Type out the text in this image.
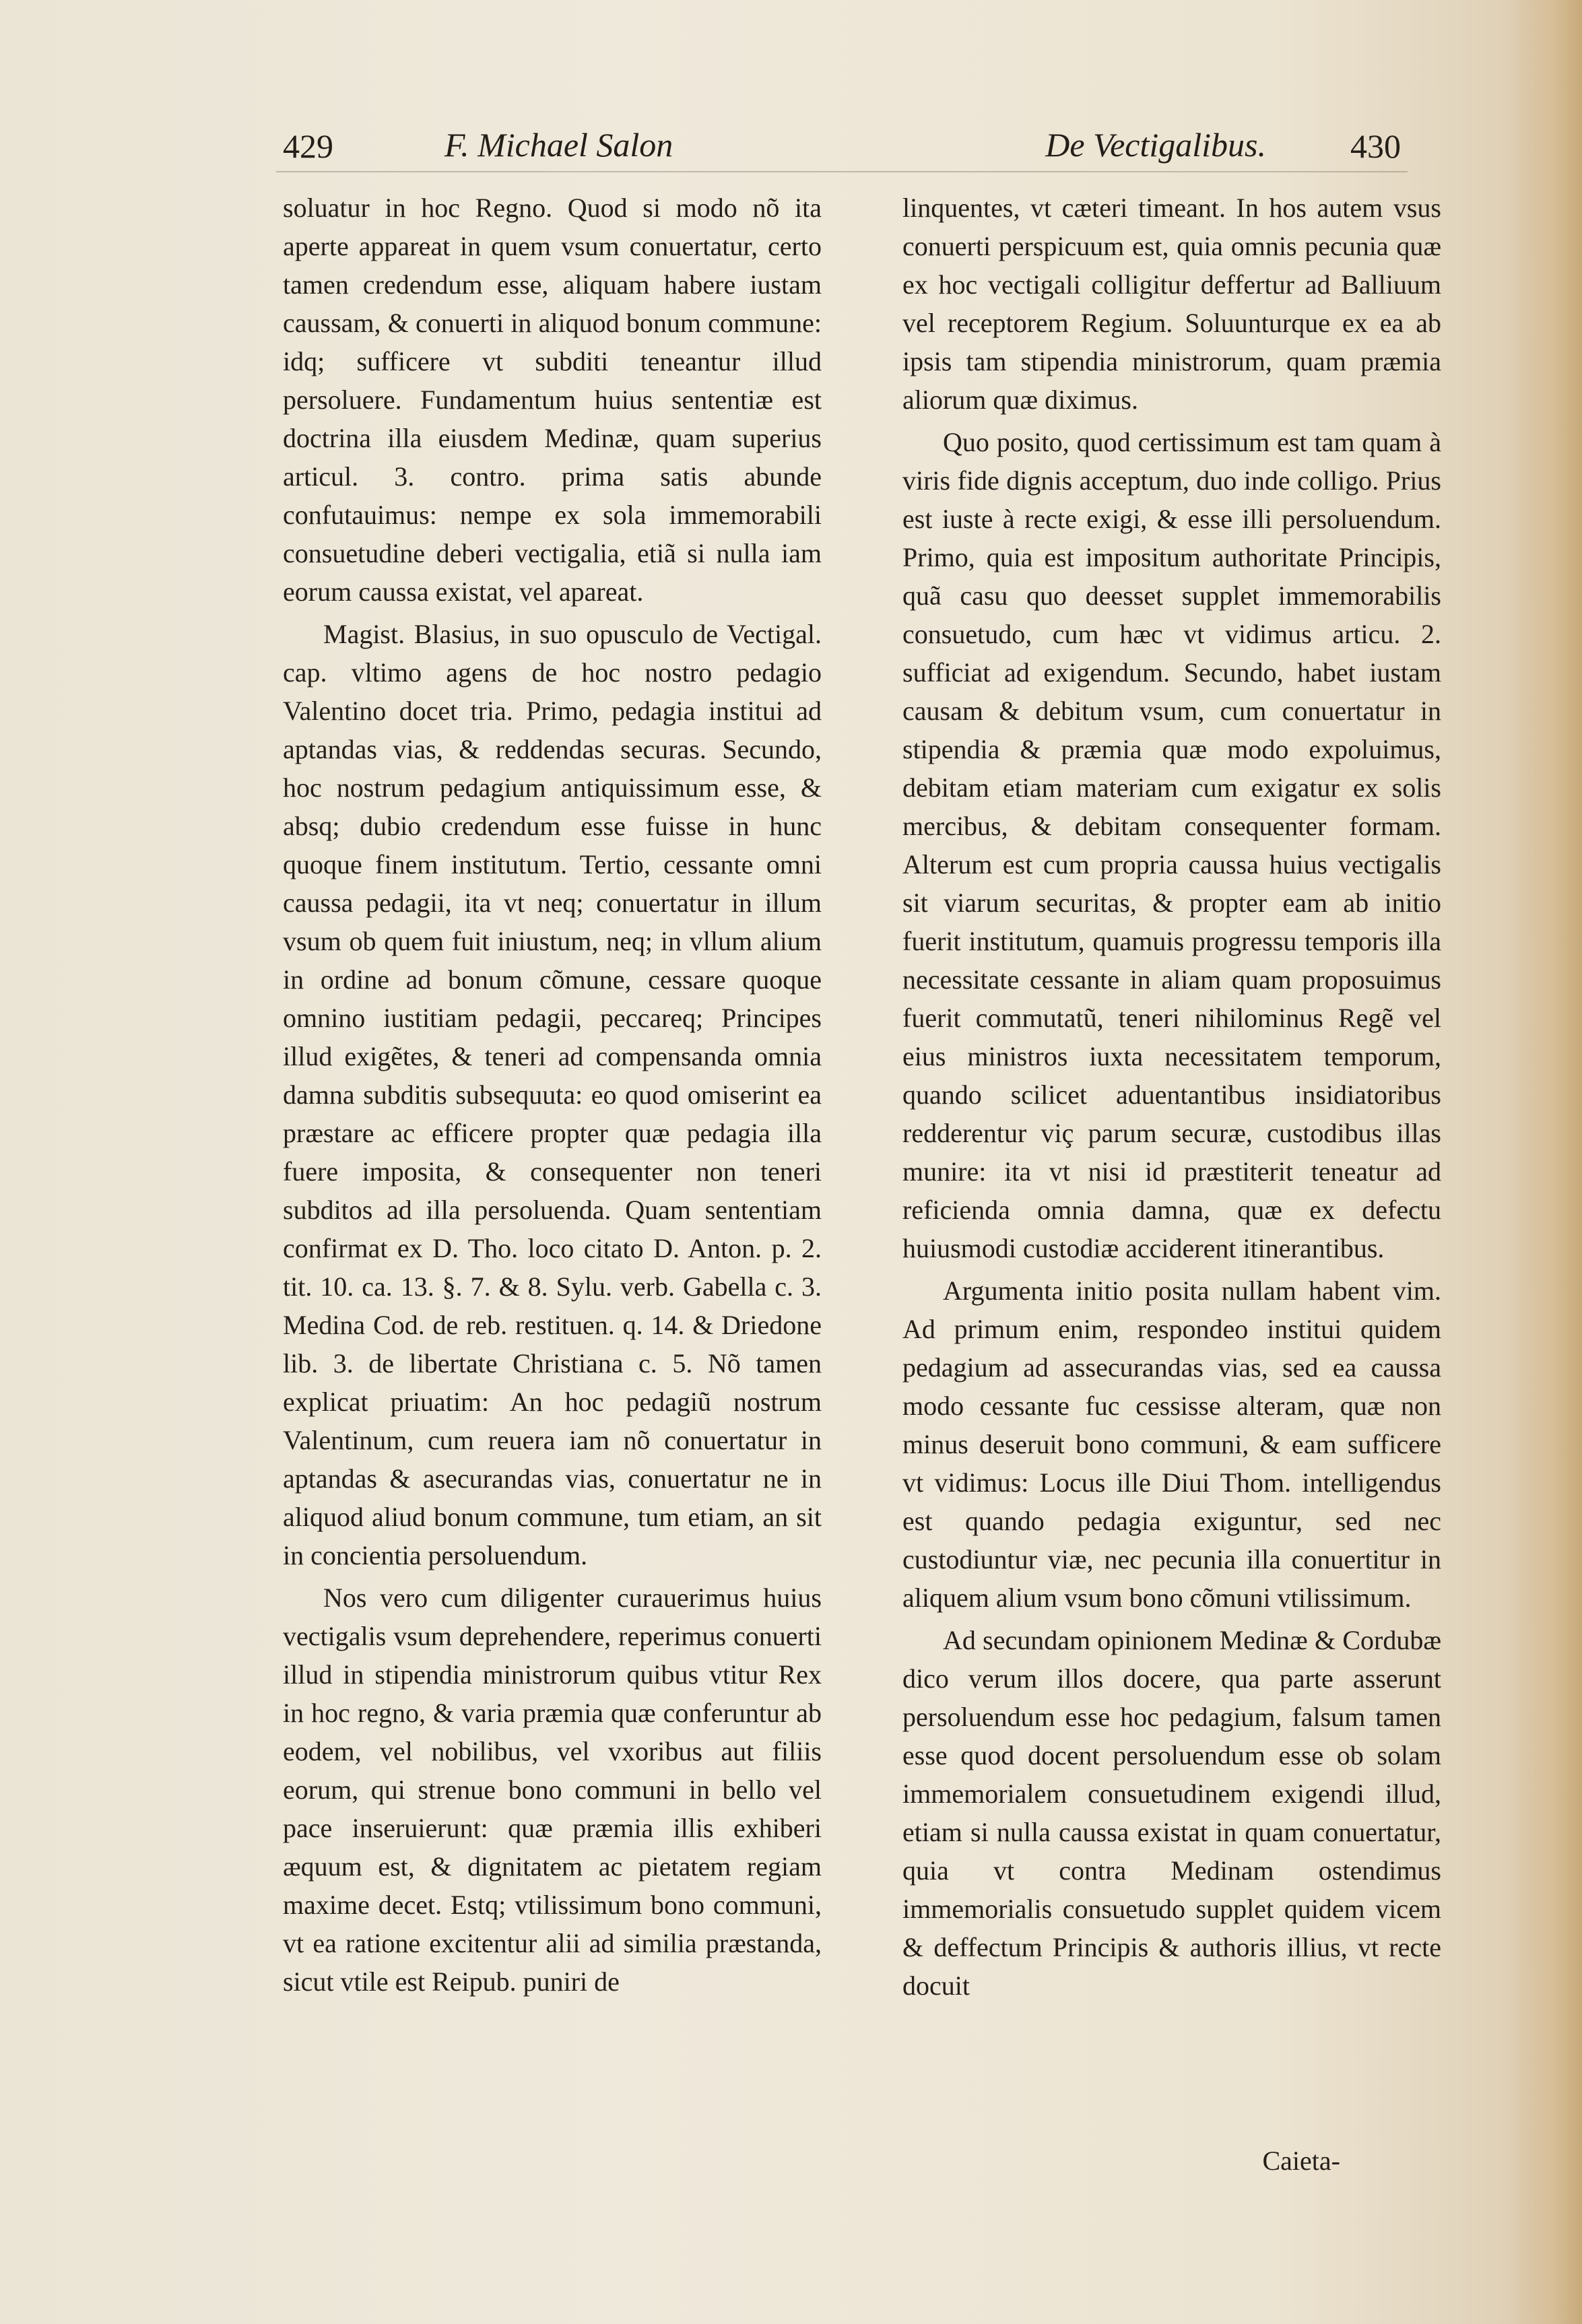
429	F. Michael Salon	De Vectigalibus.	430

soluatur in hoc Regno. Quod si modo nõ ita aperte appareat in quem vsum conuertatur, certo tamen credendum esse, aliquam habere iustam caussam, & conuerti in aliquod bonum commune: idq; sufficere vt subditi teneantur illud persoluere. Fundamentum huius sententiæ est doctrina illa eiusdem Medinæ, quam superius articul. 3. contro. prima satis abunde confutauimus: nempe ex sola immemorabili consuetudine deberi vectigalia, etiã si nulla iam eorum caussa existat, vel apareat.

Magist. Blasius, in suo opusculo de Vectigal. cap. vltimo agens de hoc nostro pedagio Valentino docet tria. Primo, pedagia institui ad aptandas vias, & reddendas securas. Secundo, hoc nostrum pedagium antiquissimum esse, & absq; dubio credendum esse fuisse in hunc quoque finem institutum. Tertio, cessante omni caussa pedagii, ita vt neq; conuertatur in illum vsum ob quem fuit iniustum, neq; in vllum alium in ordine ad bonum cõmune, cessare quoque omnino iustitiam pedagii, peccareq; Principes illud exigẽtes, & teneri ad compensanda omnia damna subditis subsequuta: eo quod omiserint ea præstare ac efficere propter quæ pedagia illa fuere imposita, & consequenter non teneri subditos ad illa persoluenda. Quam sententiam confirmat ex D. Tho. loco citato D. Anton. p. 2. tit. 10. ca. 13. §. 7. & 8. Sylu. verb. Gabella c. 3. Medina Cod. de reb. restituen. q. 14. & Driedone lib. 3. de libertate Christiana c. 5. Nõ tamen explicat priuatim: An hoc pedagiũ nostrum Valentinum, cum reuera iam nõ conuertatur in aptandas & asecurandas vias, conuertatur ne in aliquod aliud bonum commune, tum etiam, an sit in concientia persoluendum.

Nos vero cum diligenter curauerimus huius vectigalis vsum deprehendere, reperimus conuerti illud in stipendia ministrorum quibus vtitur Rex in hoc regno, & varia præmia quæ conferuntur ab eodem, vel nobilibus, vel vxoribus aut filiis eorum, qui strenue bono communi in bello vel pace inseruierunt: quæ præmia illis exhiberi æquum est, & dignitatem ac pietatem regiam maxime decet. Estq; vtilissimum bono communi, vt ea ratione excitentur alii ad similia præstanda, sicut vtile est Reipub. puniri de

linquentes, vt cæteri timeant. In hos autem vsus conuerti perspicuum est, quia omnis pecunia quæ ex hoc vectigali colligitur deffertur ad Balliuum vel receptorem Regium. Soluunturque ex ea ab ipsis tam stipendia ministrorum, quam præmia aliorum quæ diximus.

Quo posito, quod certissimum est tam quam à viris fide dignis acceptum, duo inde colligo. Prius est iuste à recte exigi, & esse illi persoluendum. Primo, quia est impositum authoritate Principis, quã casu quo deesset supplet immemorabilis consuetudo, cum hæc vt vidimus articu. 2. sufficiat ad exigendum. Secundo, habet iustam causam & debitum vsum, cum conuertatur in stipendia & præmia quæ modo expoluimus, debitam etiam materiam cum exigatur ex solis mercibus, & debitam consequenter formam. Alterum est cum propria caussa huius vectigalis sit viarum securitas, & propter eam ab initio fuerit institutum, quamuis progressu temporis illa necessitate cessante in aliam quam proposuimus fuerit commutatũ, teneri nihilominus Regẽ vel eius ministros iuxta necessitatem temporum, quando scilicet aduentantibus insidiatoribus redderentur viç parum securæ, custodibus illas munire: ita vt nisi id præstiterit teneatur ad reficienda omnia damna, quæ ex defectu huiusmodi custodiæ acciderent itinerantibus.

Argumenta initio posita nullam habent vim. Ad primum enim, respondeo institui quidem pedagium ad assecurandas vias, sed ea caussa modo cessante fuc cessisse alteram, quæ non minus deseruit bono communi, & eam sufficere vt vidimus: Locus ille Diui Thom. intelligendus est quando pedagia exiguntur, sed nec custodiuntur viæ, nec pecunia illa conuertitur in aliquem alium vsum bono cõmuni vtilissimum.

Ad secundam opinionem Medinæ & Cordubæ dico verum illos docere, qua parte asserunt persoluendum esse hoc pedagium, falsum tamen esse quod docent persoluendum esse ob solam immemorialem consuetudinem exigendi illud, etiam si nulla caussa existat in quam conuertatur, quia vt contra Medinam ostendimus immemorialis consuetudo supplet quidem vicem & deffectum Principis & authoris illius, vt recte docuit

Caieta-
